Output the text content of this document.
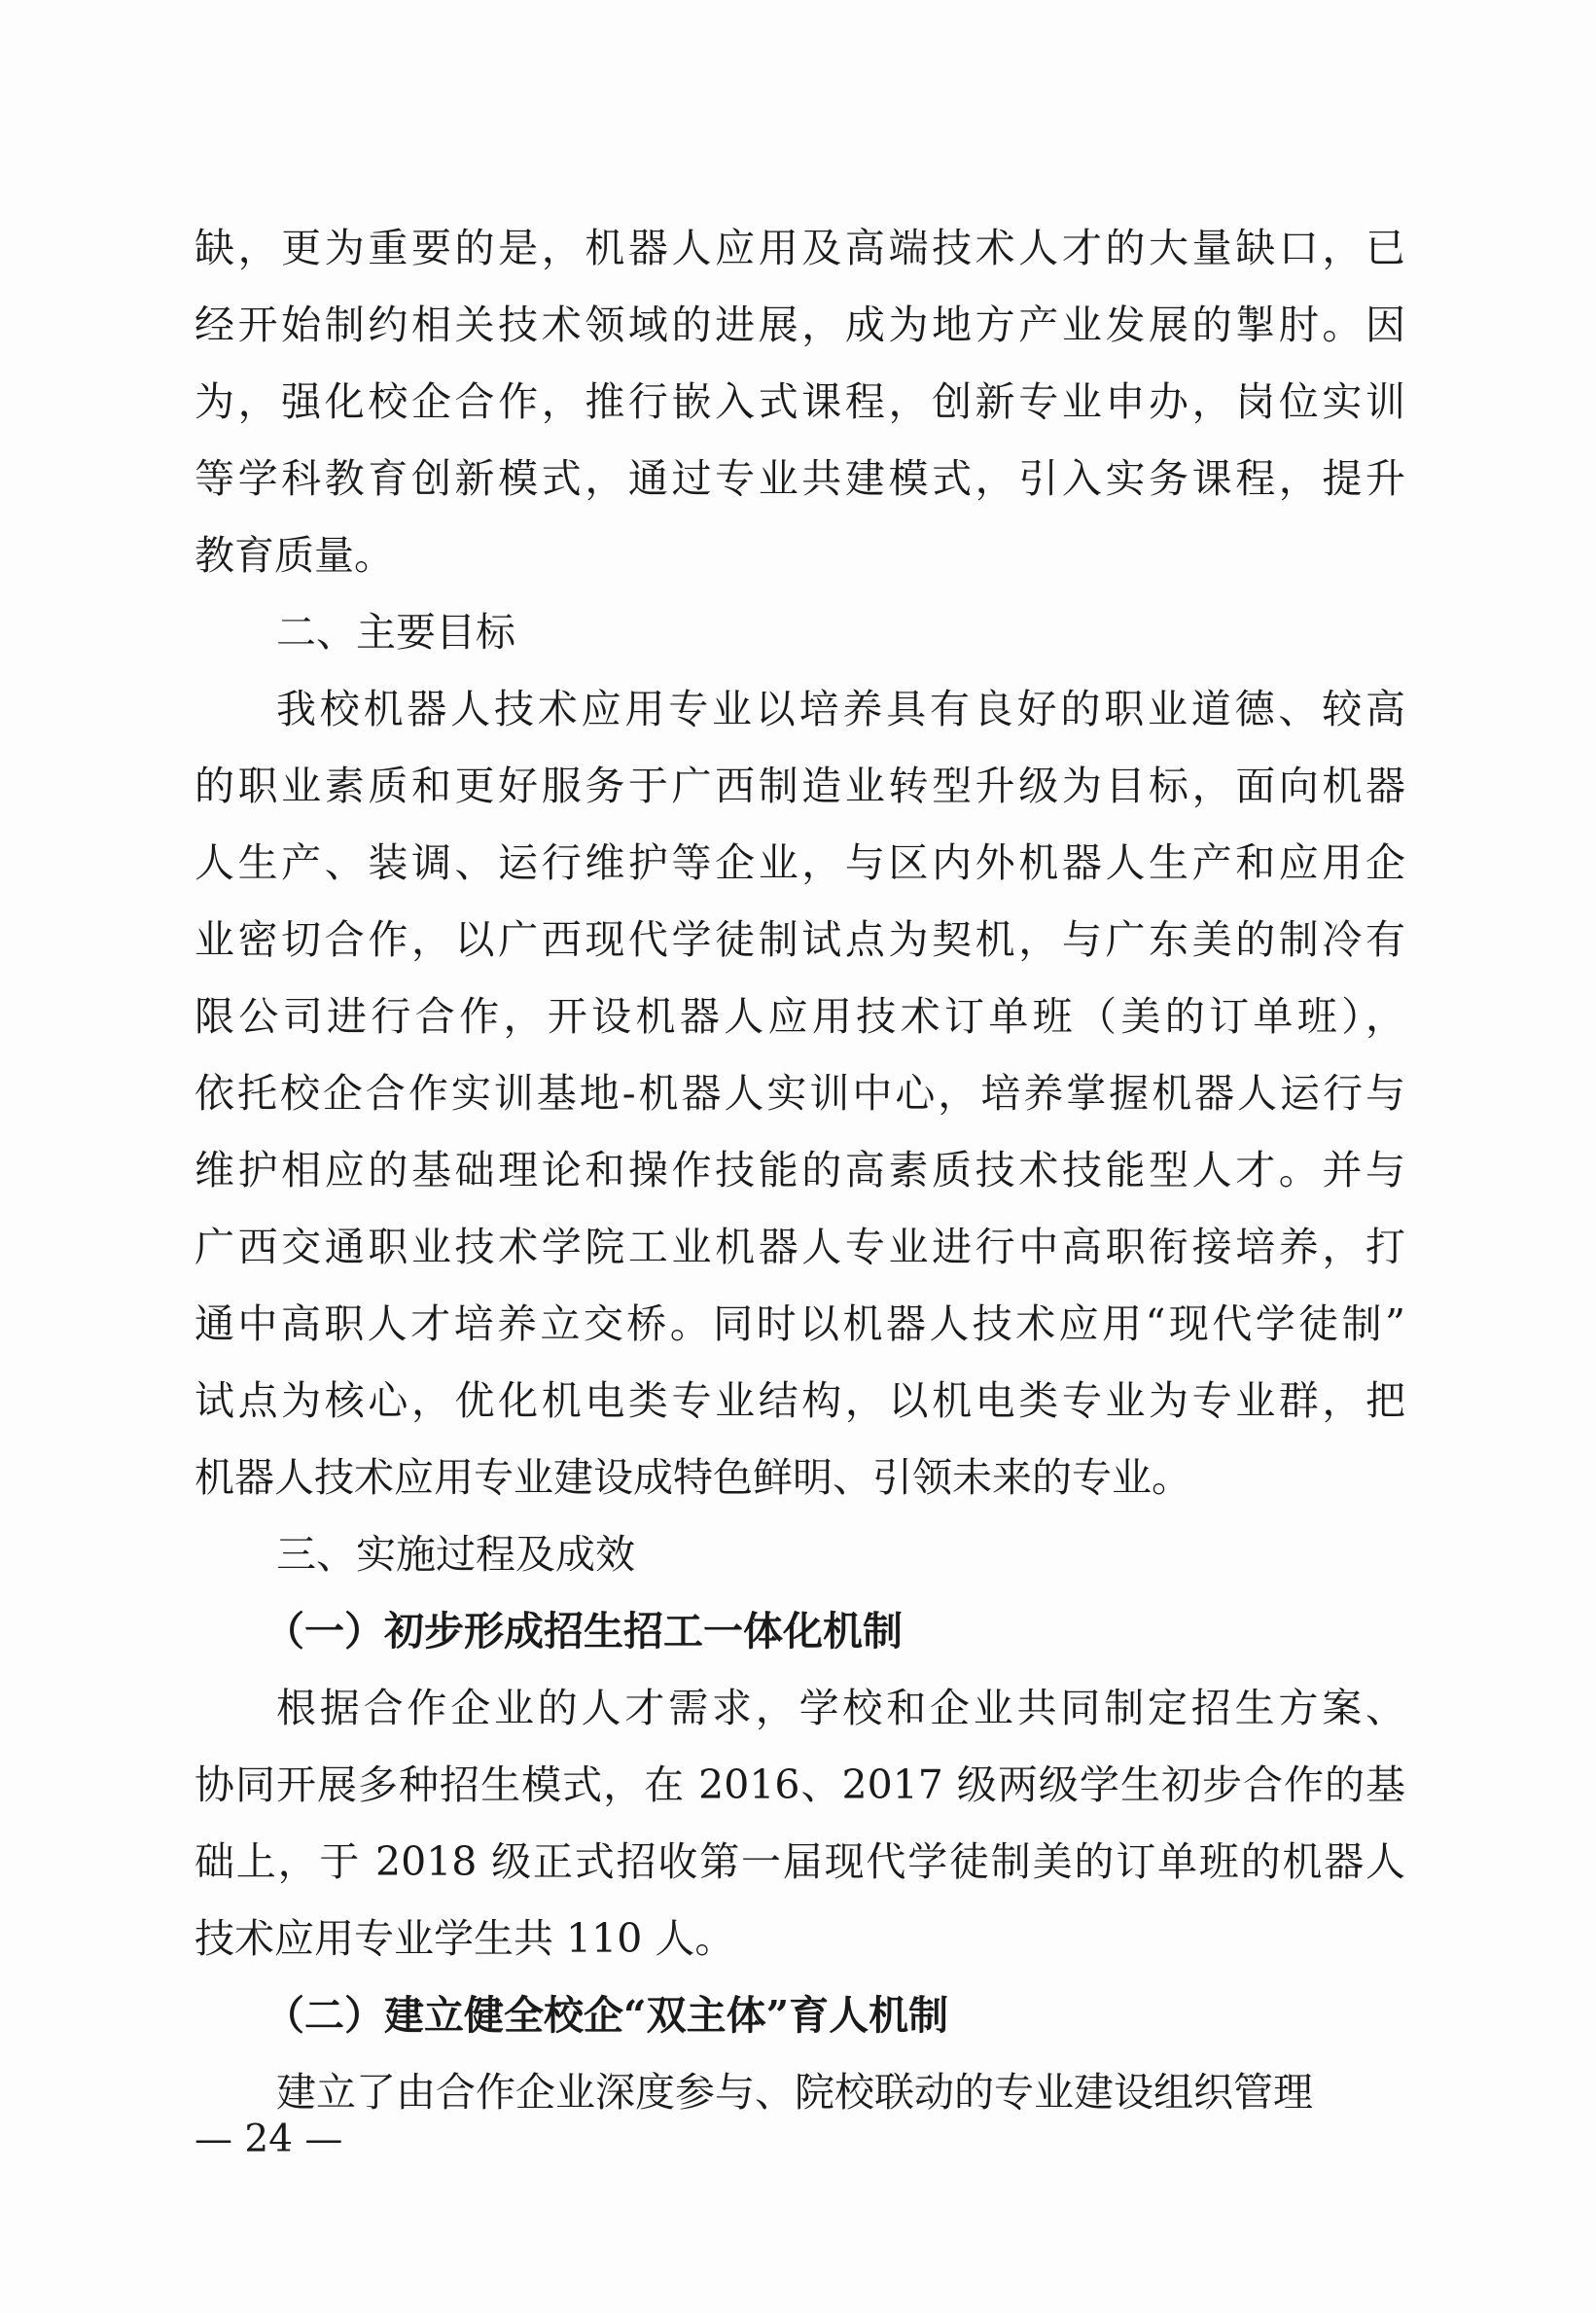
缺，更为重要的是，机器人应用及高端技术人才的大量缺口，已
经开始制约相关技术领域的进展，成为地方产业发展的掣肘。因
为，强化校企合作，推行嵌入式课程，创新专业申办，岗位实训
等学科教育创新模式，通过专业共建模式，引入实务课程，提升
教育质量。
二、主要目标
我校机器人技术应用专业以培养具有良好的职业道德、较高
的职业素质和更好服务于广西制造业转型升级为目标，面向机器
人生产、装调、运行维护等企业，与区内外机器人生产和应用企
业密切合作，以广西现代学徒制试点为契机，与广东美的制冷有
限公司进行合作，开设机器人应用技术订单班（美的订单班），
依托校企合作实训基地-机器人实训中心，培养掌握机器人运行与
维护相应的基础理论和操作技能的高素质技术技能型人才。并与
广西交通职业技术学院工业机器人专业进行中高职衔接培养，打
通中高职人才培养立交桥。同时以机器人技术应用“现代学徒制”
试点为核心，优化机电类专业结构，以机电类专业为专业群，把
机器人技术应用专业建设成特色鲜明、引领未来的专业。
三、实施过程及成效
（一）初步形成招生招工一体化机制
根据合作企业的人才需求，学校和企业共同制定招生方案、
协同开展多种招生模式，在 2016、2017 级两级学生初步合作的基
础上，于 2018 级正式招收第一届现代学徒制美的订单班的机器人
技术应用专业学生共 110 人。
（二）建立健全校企“双主体”育人机制
建立了由合作企业深度参与、院校联动的专业建设组织管理
— 24 —
